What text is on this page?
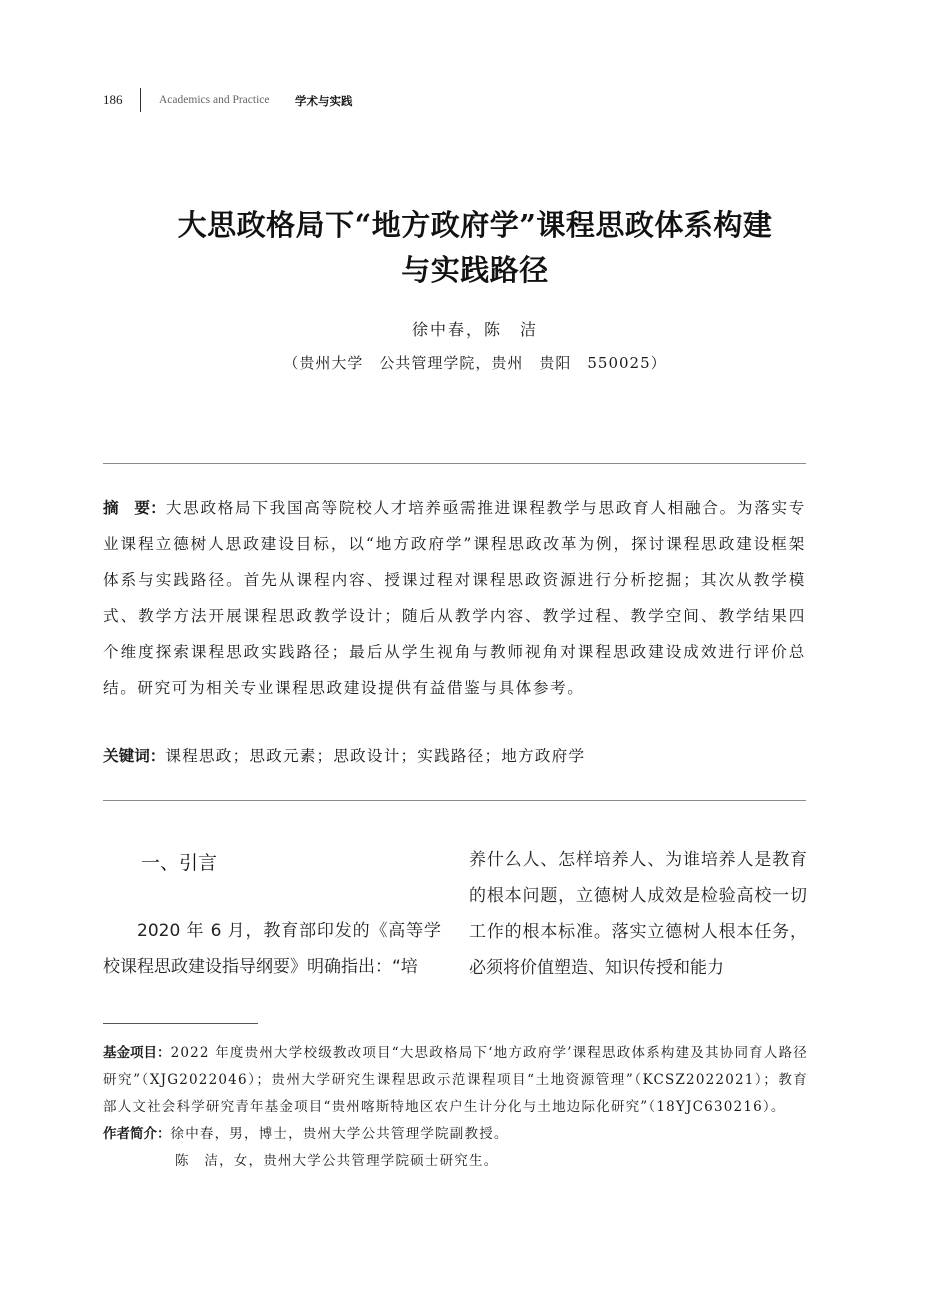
186	Academics and Practice 学术与实践
大思政格局下“地方政府学”课程思政体系构建
与实践路径
徐中春，陈　洁
（贵州大学　公共管理学院，贵州　贵阳　550025）
摘　要：大思政格局下我国高等院校人才培养亟需推进课程教学与思政育人相融合。为落实专业课程立德树人思政建设目标，以“地方政府学”课程思政改革为例，探讨课程思政建设框架体系与实践路径。首先从课程内容、授课过程对课程思政资源进行分析挖掘；其次从教学模式、教学方法开展课程思政教学设计；随后从教学内容、教学过程、教学空间、教学结果四个维度探索课程思政实践路径；最后从学生视角与教师视角对课程思政建设成效进行评价总结。研究可为相关专业课程思政建设提供有益借鉴与具体参考。
关键词：课程思政；思政元素；思政设计；实践路径；地方政府学
一、引言
2020 年 6 月，教育部印发的《高等学校课程思政建设指导纲要》明确指出：“培
养什么人、怎样培养人、为谁培养人是教育的根本问题，立德树人成效是检验高校一切工作的根本标准。落实立德树人根本任务，必须将价值塑造、知识传授和能力
基金项目：2022 年度贵州大学校级教改项目“大思政格局下‘地方政府学’课程思政体系构建及其协同育人路径研究”（XJG2022046）；贵州大学研究生课程思政示范课程项目“土地资源管理”（KCSZ2022021）；教育部人文社会科学研究青年基金项目“贵州喀斯特地区农户生计分化与土地边际化研究”（18YJC630216）。
作者简介：徐中春，男，博士，贵州大学公共管理学院副教授。
陈　洁，女，贵州大学公共管理学院硕士研究生。
